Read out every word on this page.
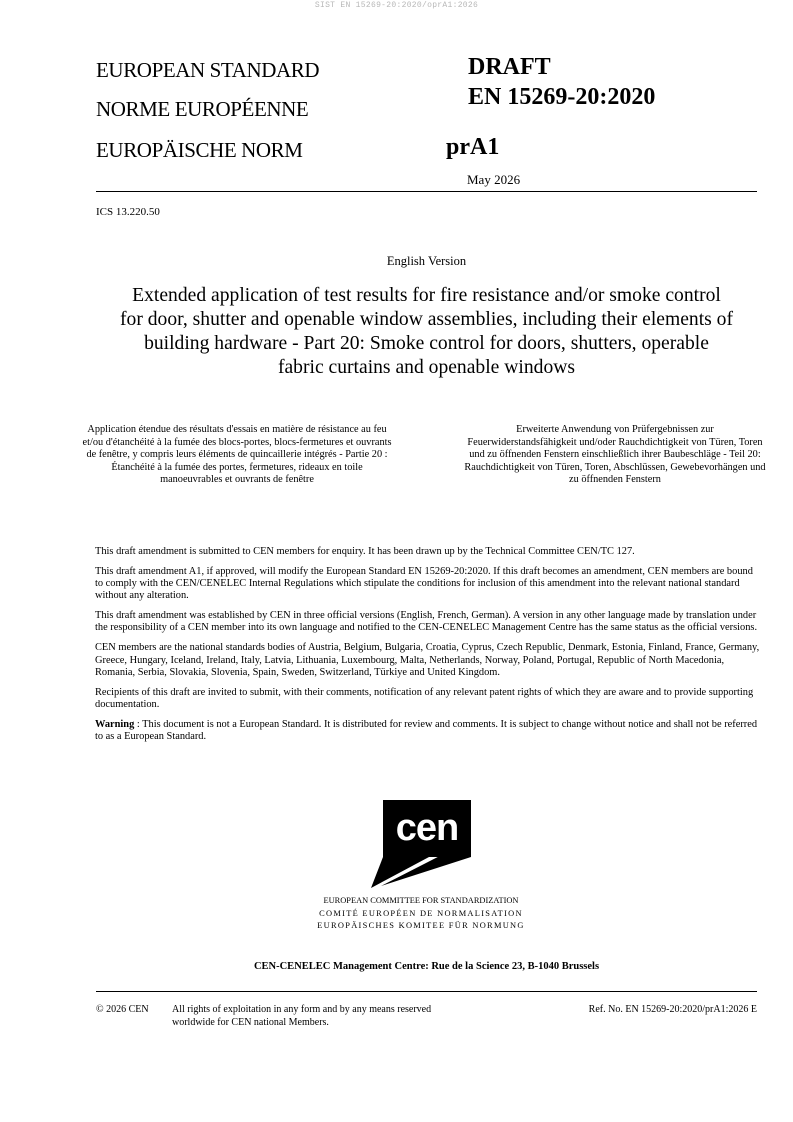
SIST EN 15269-20:2020/oprA1:2026
EUROPEAN STANDARD
NORME EUROPÉENNE
EUROPÄISCHE NORM
DRAFT
EN 15269-20:2020
prA1
May 2026
ICS 13.220.50
English Version
Extended application of test results for fire resistance and/or smoke control for door, shutter and openable window assemblies, including their elements of building hardware - Part 20: Smoke control for doors, shutters, operable fabric curtains and openable windows
Application étendue des résultats d'essais en matière de résistance au feu et/ou d'étanchéité à la fumée des blocs-portes, blocs-fermetures et ouvrants de fenêtre, y compris leurs éléments de quincaillerie intégrés - Partie 20 : Étanchéité à la fumée des portes, fermetures, rideaux en toile manoeuvrables et ouvrants de fenêtre
Erweiterte Anwendung von Prüfergebnissen zur Feuerwiderstandsfähigkeit und/oder Rauchdichtigkeit von Türen, Toren und zu öffnenden Fenstern einschließlich ihrer Baubeschläge - Teil 20: Rauchdichtigkeit von Türen, Toren, Abschlüssen, Gewebevorhängen und zu öffnenden Fenstern

This draft amendment is submitted to CEN members for enquiry. It has been drawn up by the Technical Committee CEN/TC 127.

This draft amendment A1, if approved, will modify the European Standard EN 15269-20:2020. If this draft becomes an amendment, CEN members are bound to comply with the CEN/CENELEC Internal Regulations which stipulate the conditions for inclusion of this amendment into the relevant national standard without any alteration.

This draft amendment was established by CEN in three official versions (English, French, German). A version in any other language made by translation under the responsibility of a CEN member into its own language and notified to the CEN-CENELEC Management Centre has the same status as the official versions.

CEN members are the national standards bodies of Austria, Belgium, Bulgaria, Croatia, Cyprus, Czech Republic, Denmark, Estonia, Finland, France, Germany, Greece, Hungary, Iceland, Ireland, Italy, Latvia, Lithuania, Luxembourg, Malta, Netherlands, Norway, Poland, Portugal, Republic of North Macedonia, Romania, Serbia, Slovakia, Slovenia, Spain, Sweden, Switzerland, Türkiye and United Kingdom.

Recipients of this draft are invited to submit, with their comments, notification of any relevant patent rights of which they are aware and to provide supporting documentation.

Warning : This document is not a European Standard. It is distributed for review and comments. It is subject to change without notice and shall not be referred to as a European Standard.

cen
EUROPEAN COMMITTEE FOR STANDARDIZATION
COMITÉ EUROPÉEN DE NORMALISATION
EUROPÄISCHES KOMITEE FÜR NORMUNG
CEN-CENELEC Management Centre: Rue de la Science 23, B-1040 Brussels
© 2026 CEN All rights of exploitation in any form and by any means reserved
worldwide for CEN national Members.
Ref. No. EN 15269-20:2020/prA1:2026 E
